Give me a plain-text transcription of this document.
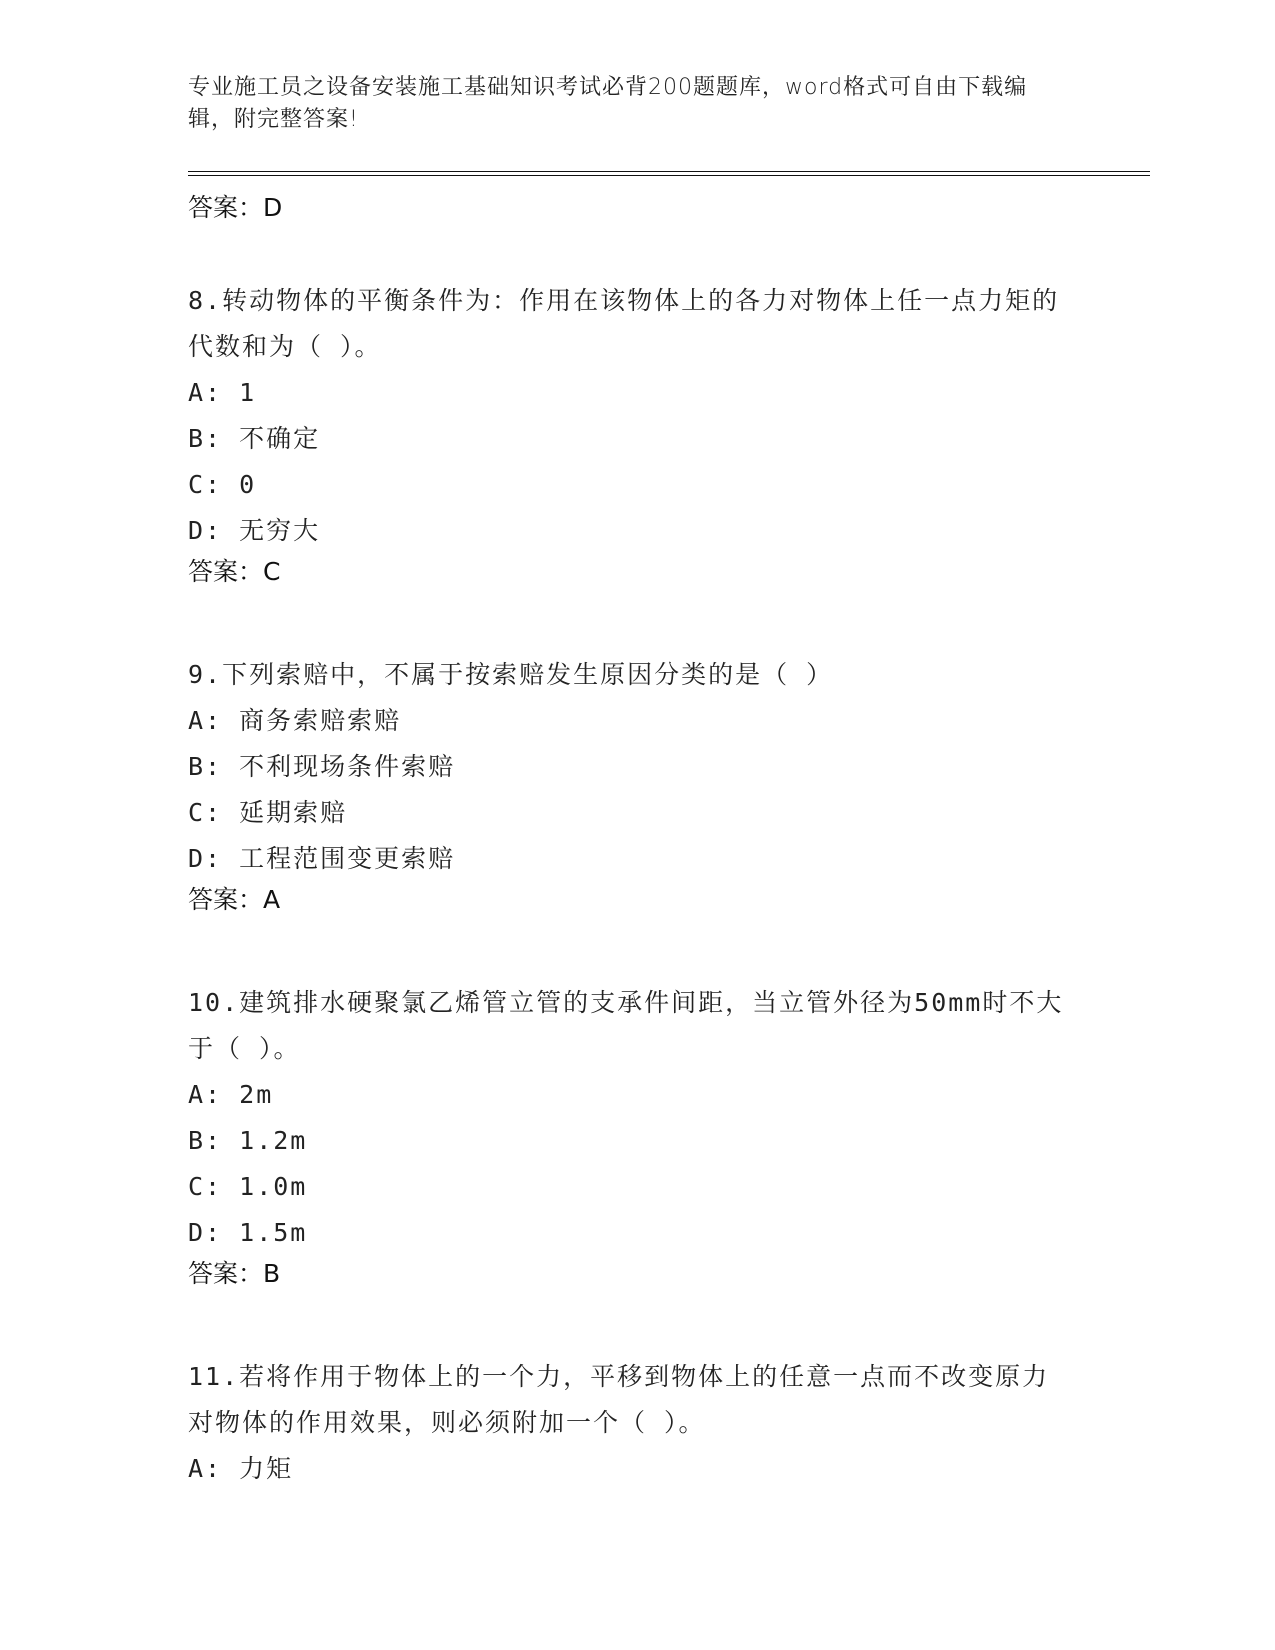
专业施工员之设备安装施工基础知识考试必背200题题库，word格式可自由下载编辑，附完整答案!
答案：D
8.转动物体的平衡条件为：作用在该物体上的各力对物体上任一点力矩的代数和为（ ）。
A: 1
B: 不确定
C: 0
D: 无穷大
答案：C
9.下列索赔中，不属于按索赔发生原因分类的是（ ）
A: 商务索赔索赔
B: 不利现场条件索赔
C: 延期索赔
D: 工程范围变更索赔
答案：A
10.建筑排水硬聚氯乙烯管立管的支承件间距，当立管外径为50mm时不大于（ ）。
A: 2m
B: 1.2m
C: 1.0m
D: 1.5m
答案：B
11.若将作用于物体上的一个力，平移到物体上的任意一点而不改变原力对物体的作用效果，则必须附加一个（ ）。
A: 力矩
